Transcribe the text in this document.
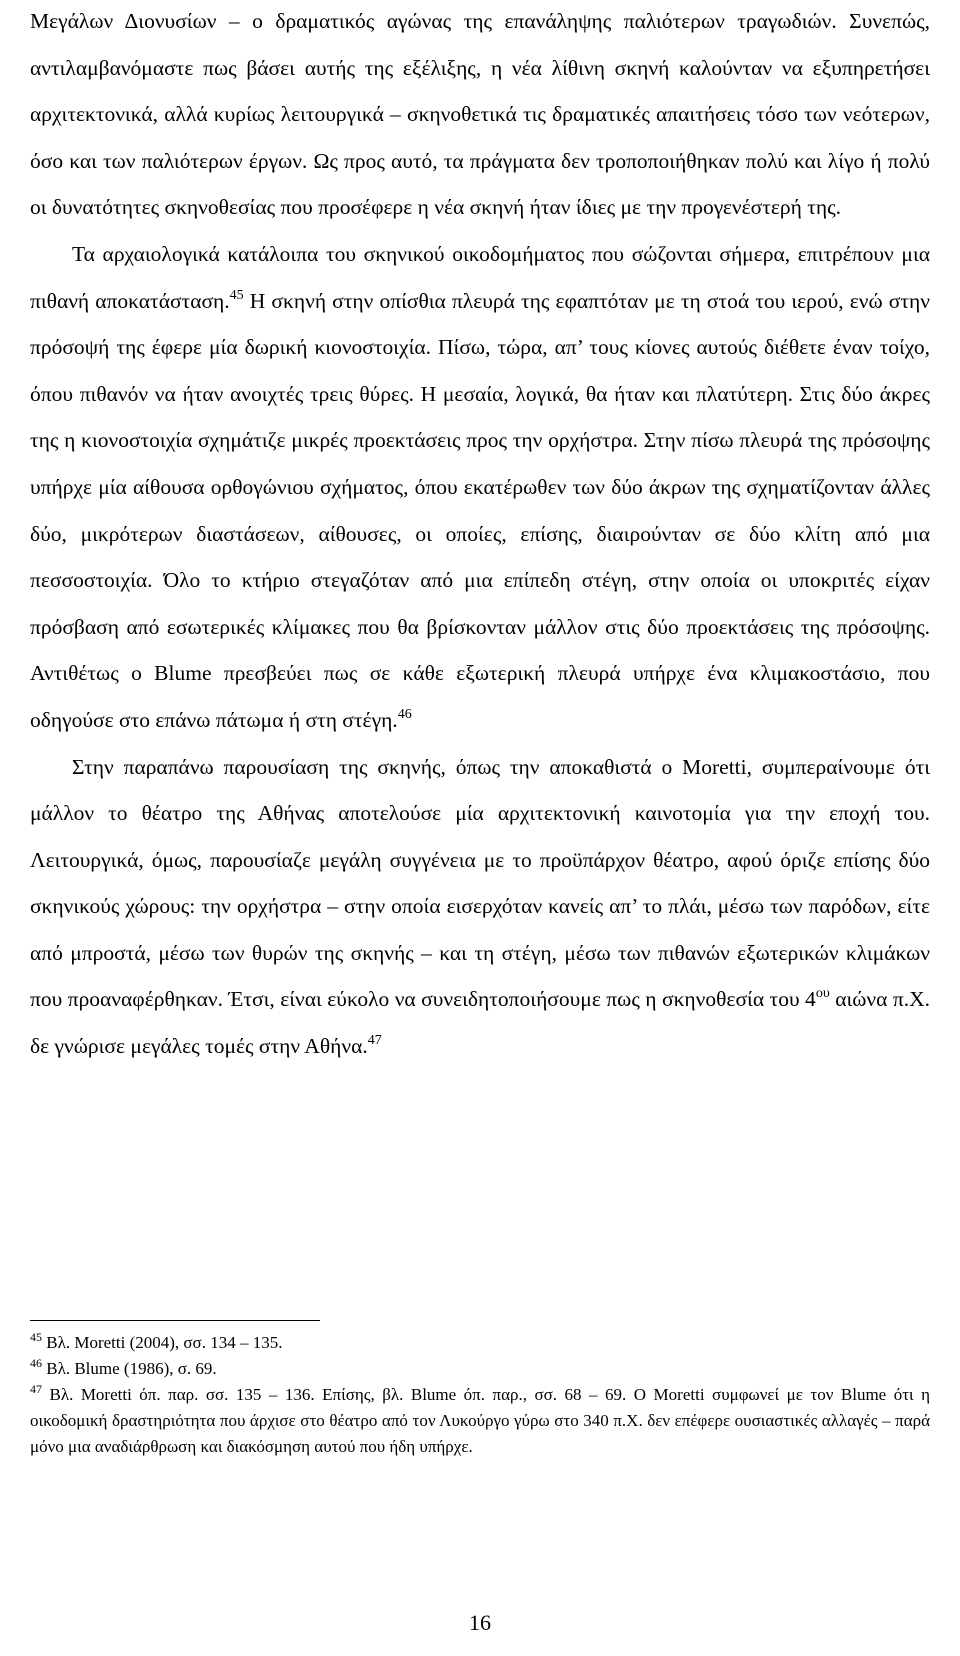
Μεγάλων Διονυσίων – ο δραματικός αγώνας της επανάληψης παλιότερων τραγωδιών. Συνεπώς, αντιλαμβανόμαστε πως βάσει αυτής της εξέλιξης, η νέα λίθινη σκηνή καλούνταν να εξυπηρετήσει αρχιτεκτονικά, αλλά κυρίως λειτουργικά – σκηνοθετικά τις δραματικές απαιτήσεις τόσο των νεότερων, όσο και των παλιότερων έργων. Ως προς αυτό, τα πράγματα δεν τροποποιήθηκαν πολύ και λίγο ή πολύ οι δυνατότητες σκηνοθεσίας που προσέφερε η νέα σκηνή ήταν ίδιες με την προγενέστερή της.

Τα αρχαιολογικά κατάλοιπα του σκηνικού οικοδομήματος που σώζονται σήμερα, επιτρέπουν μια πιθανή αποκατάσταση.$^{45}$ Η σκηνή στην οπίσθια πλευρά της εφαπτόταν με τη στοά του ιερού, ενώ στην πρόσοψή της έφερε μία δωρική κιονοστοιχία. Πίσω, τώρα, απ’ τους κίονες αυτούς διέθετε έναν τοίχο, όπου πιθανόν να ήταν ανοιχτές τρεις θύρες. Η μεσαία, λογικά, θα ήταν και πλατύτερη. Στις δύο άκρες της η κιονοστοιχία σχημάτιζε μικρές προεκτάσεις προς την ορχήστρα. Στην πίσω πλευρά της πρόσοψης υπήρχε μία αίθουσα ορθογώνιου σχήματος, όπου εκατέρωθεν των δύο άκρων της σχηματίζονταν άλλες δύο, μικρότερων διαστάσεων, αίθουσες, οι οποίες, επίσης, διαιρούνταν σε δύο κλίτη από μια πεσσοστοιχία. Όλο το κτήριο στεγαζόταν από μια επίπεδη στέγη, στην οποία οι υποκριτές είχαν πρόσβαση από εσωτερικές κλίμακες που θα βρίσκονταν μάλλον στις δύο προεκτάσεις της πρόσοψης. Αντιθέτως ο Blume πρεσβεύει πως σε κάθε εξωτερική πλευρά υπήρχε ένα κλιμακοστάσιο, που οδηγούσε στο επάνω πάτωμα ή στη στέγη.$^{46}$

Στην παραπάνω παρουσίαση της σκηνής, όπως την αποκαθιστά ο Moretti, συμπεραίνουμε ότι μάλλον το θέατρο της Αθήνας αποτελούσε μία αρχιτεκτονική καινοτομία για την εποχή του. Λειτουργικά, όμως, παρουσίαζε μεγάλη συγγένεια με το προϋπάρχον θέατρο, αφού όριζε επίσης δύο σκηνικούς χώρους: την ορχήστρα – στην οποία εισερχόταν κανείς απ’ το πλάι, μέσω των παρόδων, είτε από μπροστά, μέσω των θυρών της σκηνής – και τη στέγη, μέσω των πιθανών εξωτερικών κλιμάκων που προαναφέρθηκαν. Έτσι, είναι εύκολο να συνειδητοποιήσουμε πως η σκηνοθεσία του $4^{o\upsilon}$ αιώνα π.Χ. δε γνώρισε μεγάλες τομές στην Αθήνα.$^{47}$

$^{45}$ Βλ. Moretti (2004), σσ. 134 – 135.

$^{46}$ Βλ. Blume (1986), σ. 69.

$^{47}$ Βλ. Moretti όπ. παρ. σσ. 135 – 136. Επίσης, βλ. Blume όπ. παρ., σσ. 68 – 69. Ο Moretti συμφωνεί με τον Blume ότι η οικοδομική δραστηριότητα που άρχισε στο θέατρο από τον Λυκούργο γύρω στο 340 π.Χ. δεν επέφερε ουσιαστικές αλλαγές – παρά μόνο μια αναδιάρθρωση και διακόσμηση αυτού που ήδη υπήρχε.

16
